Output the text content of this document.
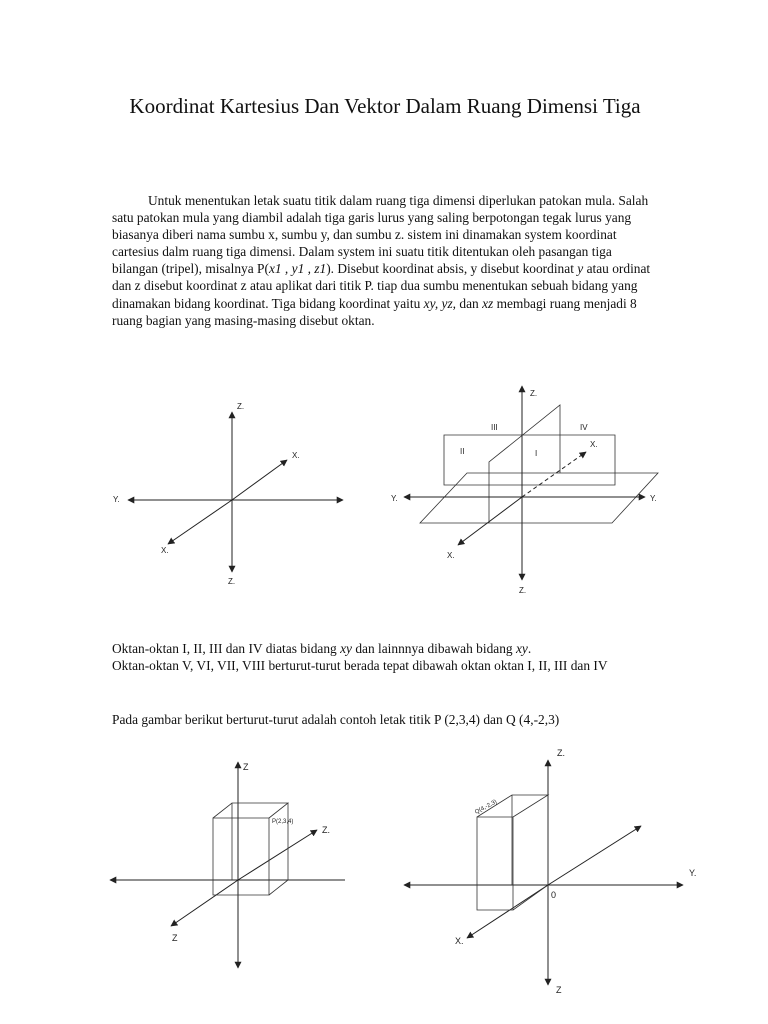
Koordinat Kartesius Dan Vektor Dalam Ruang Dimensi Tiga
Untuk menentukan letak suatu titik dalam ruang tiga dimensi diperlukan patokan mula. Salah satu patokan mula yang diambil adalah tiga garis lurus yang saling berpotongan tegak lurus yang biasanya diberi nama sumbu x, sumbu y, dan sumbu z. sistem ini dinamakan system koordinat cartesius dalm ruang tiga dimensi. Dalam system ini suatu titik ditentukan oleh pasangan tiga bilangan (tripel), misalnya P(x1 , y1 , z1). Disebut koordinat absis, y disebut koordinat y atau ordinat dan z disebut koordinat z atau aplikat dari titik P. tiap dua sumbu menentukan sebuah bidang yang dinamakan bidang koordinat. Tiga bidang koordinat yaitu xy, yz, dan xz membagi ruang menjadi 8 ruang bagian yang masing-masing disebut oktan.
Z.
X.
Y.
X.
Z.
Z.
X.
Y.	Y.
X.
Z.
III	IV
II	I
Z
P(2,3,4)
Z.
Z
Z.
Y.
0
X.
Z
Q(4,-2,3)
Oktan-oktan I, II, III dan IV diatas bidang xy dan lainnnya dibawah bidang xy.
Oktan-oktan V, VI, VII, VIII berturut-turut berada tepat dibawah oktan oktan I, II, III dan IV
Pada gambar berikut berturut-turut adalah contoh letak titik P (2,3,4) dan Q (4,-2,3)
